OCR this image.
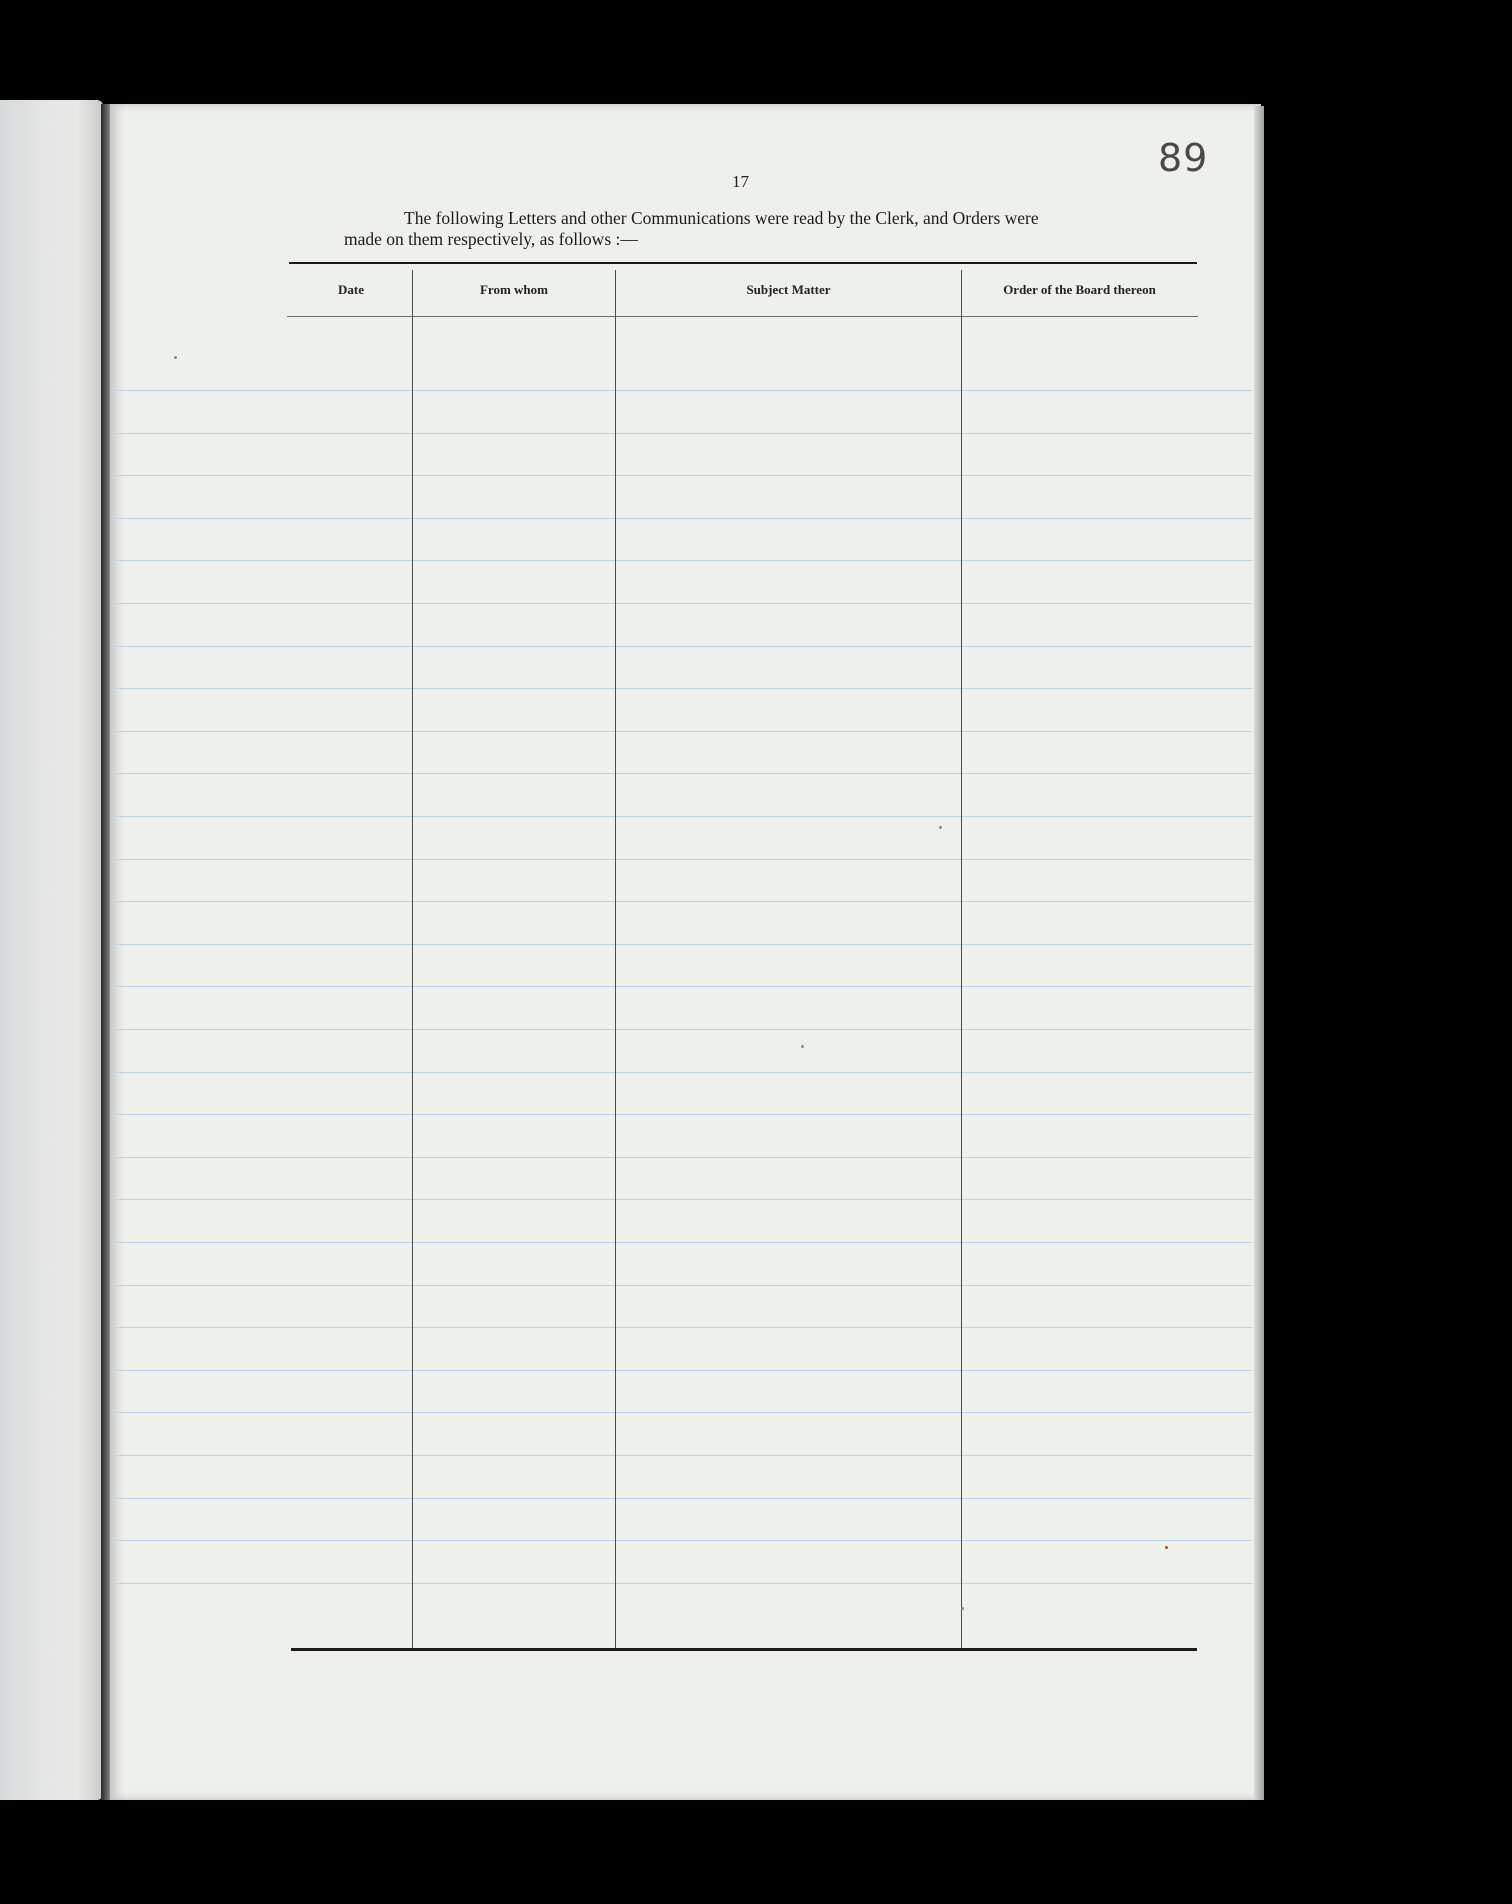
17
89
The following Letters and other Communications were read by the Clerk, and Orders were
made on them respectively, as follows :—
Date	From whom	Subject Matter	Order of the Board thereon
